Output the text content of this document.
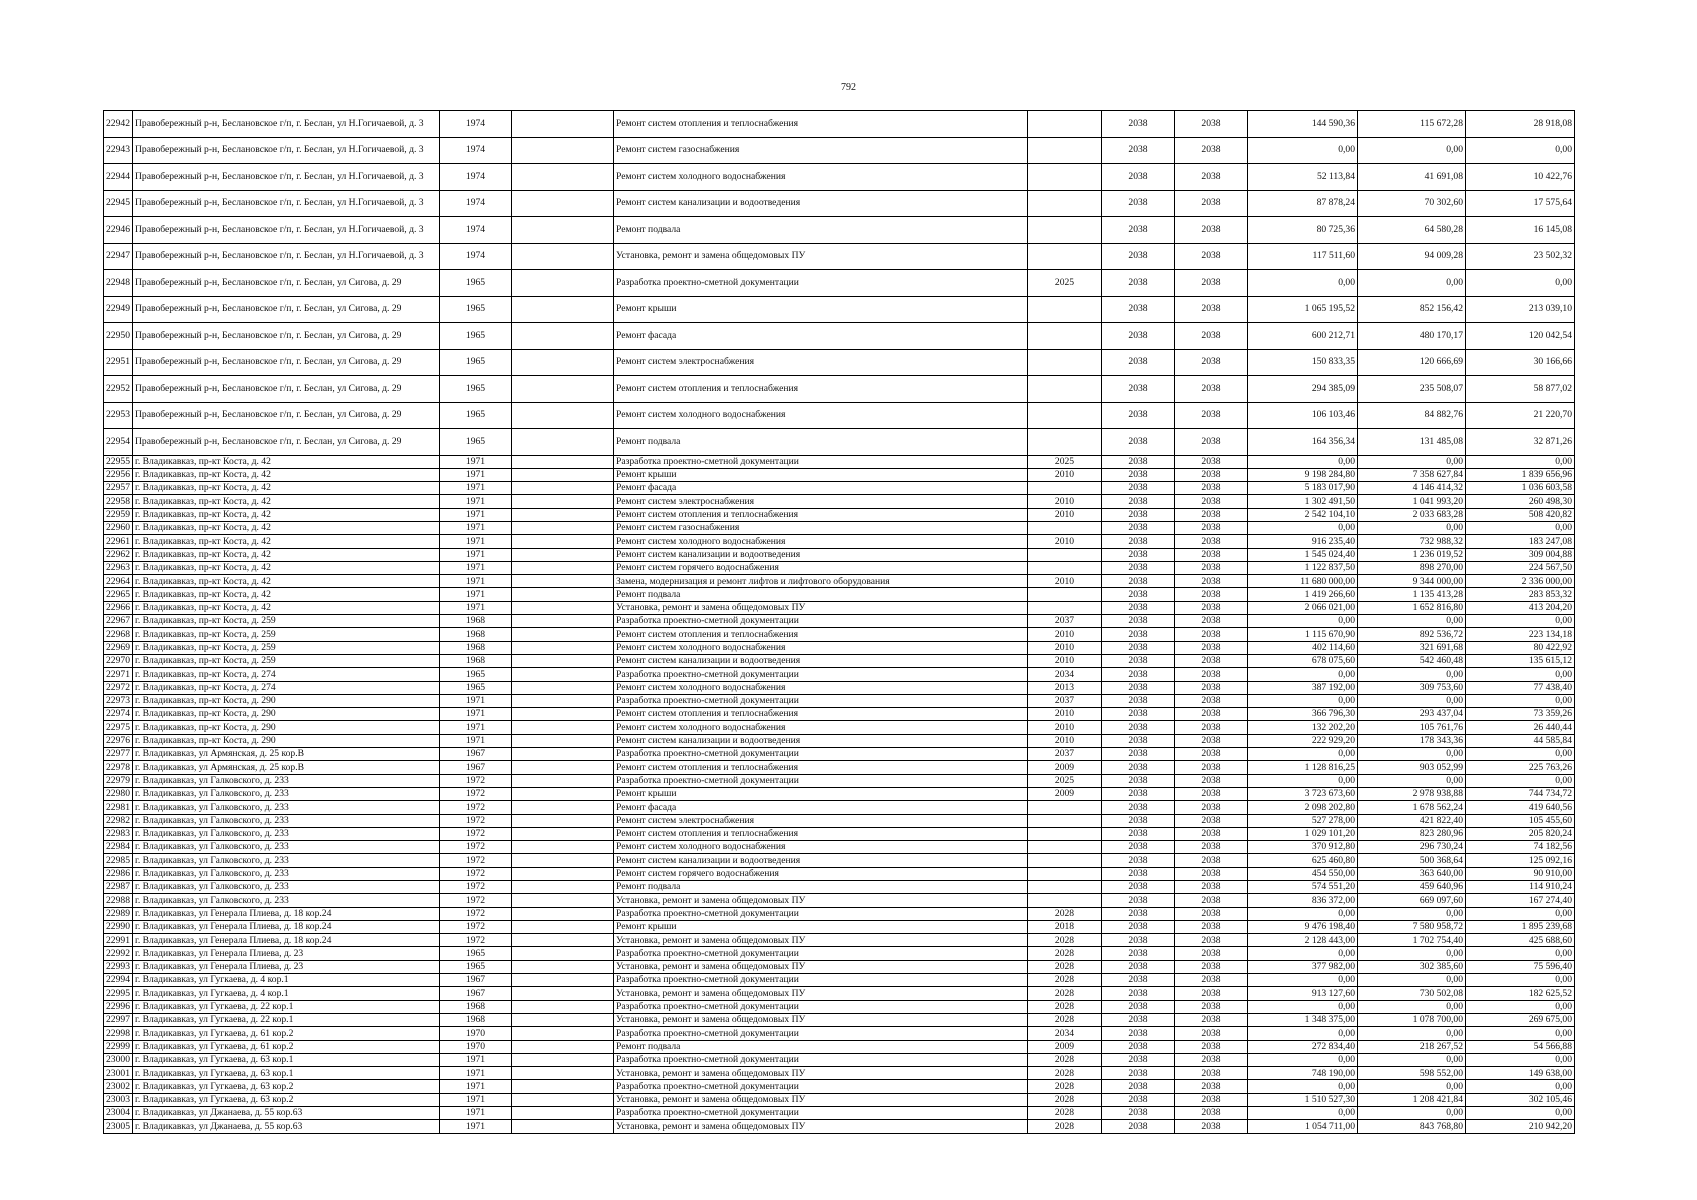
792
22942	Правобережный р-н, Беслановское г/п, г. Беслан, ул Н.Гогичаевой, д. 3	1974		Ремонт систем отопления и теплоснабжения		2038	2038	144 590,36	115 672,28	28 918,08
22943	Правобережный р-н, Беслановское г/п, г. Беслан, ул Н.Гогичаевой, д. 3	1974		Ремонт систем газоснабжения		2038	2038	0,00	0,00	0,00
22944	Правобережный р-н, Беслановское г/п, г. Беслан, ул Н.Гогичаевой, д. 3	1974		Ремонт систем холодного водоснабжения		2038	2038	52 113,84	41 691,08	10 422,76
22945	Правобережный р-н, Беслановское г/п, г. Беслан, ул Н.Гогичаевой, д. 3	1974		Ремонт систем канализации и водоотведения		2038	2038	87 878,24	70 302,60	17 575,64
22946	Правобережный р-н, Беслановское г/п, г. Беслан, ул Н.Гогичаевой, д. 3	1974		Ремонт подвала		2038	2038	80 725,36	64 580,28	16 145,08
22947	Правобережный р-н, Беслановское г/п, г. Беслан, ул Н.Гогичаевой, д. 3	1974		Установка, ремонт и замена общедомовых ПУ		2038	2038	117 511,60	94 009,28	23 502,32
22948	Правобережный р-н, Беслановское г/п, г. Беслан, ул Сигова, д. 29	1965		Разработка проектно-сметной документации	2025	2038	2038	0,00	0,00	0,00
22949	Правобережный р-н, Беслановское г/п, г. Беслан, ул Сигова, д. 29	1965		Ремонт крыши		2038	2038	1 065 195,52	852 156,42	213 039,10
22950	Правобережный р-н, Беслановское г/п, г. Беслан, ул Сигова, д. 29	1965		Ремонт фасада		2038	2038	600 212,71	480 170,17	120 042,54
22951	Правобережный р-н, Беслановское г/п, г. Беслан, ул Сигова, д. 29	1965		Ремонт систем электроснабжения		2038	2038	150 833,35	120 666,69	30 166,66
22952	Правобережный р-н, Беслановское г/п, г. Беслан, ул Сигова, д. 29	1965		Ремонт систем отопления и теплоснабжения		2038	2038	294 385,09	235 508,07	58 877,02
22953	Правобережный р-н, Беслановское г/п, г. Беслан, ул Сигова, д. 29	1965		Ремонт систем холодного водоснабжения		2038	2038	106 103,46	84 882,76	21 220,70
22954	Правобережный р-н, Беслановское г/п, г. Беслан, ул Сигова, д. 29	1965		Ремонт подвала		2038	2038	164 356,34	131 485,08	32 871,26
22955	г. Владикавказ, пр-кт Коста, д. 42	1971		Разработка проектно-сметной документации	2025	2038	2038	0,00	0,00	0,00
22956	г. Владикавказ, пр-кт Коста, д. 42	1971		Ремонт крыши	2010	2038	2038	9 198 284,80	7 358 627,84	1 839 656,96
22957	г. Владикавказ, пр-кт Коста, д. 42	1971		Ремонт фасада		2038	2038	5 183 017,90	4 146 414,32	1 036 603,58
22958	г. Владикавказ, пр-кт Коста, д. 42	1971		Ремонт систем электроснабжения	2010	2038	2038	1 302 491,50	1 041 993,20	260 498,30
22959	г. Владикавказ, пр-кт Коста, д. 42	1971		Ремонт систем отопления и теплоснабжения	2010	2038	2038	2 542 104,10	2 033 683,28	508 420,82
22960	г. Владикавказ, пр-кт Коста, д. 42	1971		Ремонт систем газоснабжения		2038	2038	0,00	0,00	0,00
22961	г. Владикавказ, пр-кт Коста, д. 42	1971		Ремонт систем холодного водоснабжения	2010	2038	2038	916 235,40	732 988,32	183 247,08
22962	г. Владикавказ, пр-кт Коста, д. 42	1971		Ремонт систем канализации и водоотведения		2038	2038	1 545 024,40	1 236 019,52	309 004,88
22963	г. Владикавказ, пр-кт Коста, д. 42	1971		Ремонт систем горячего водоснабжения		2038	2038	1 122 837,50	898 270,00	224 567,50
22964	г. Владикавказ, пр-кт Коста, д. 42	1971		Замена, модернизация и ремонт лифтов и лифтового оборудования	2010	2038	2038	11 680 000,00	9 344 000,00	2 336 000,00
22965	г. Владикавказ, пр-кт Коста, д. 42	1971		Ремонт подвала		2038	2038	1 419 266,60	1 135 413,28	283 853,32
22966	г. Владикавказ, пр-кт Коста, д. 42	1971		Установка, ремонт и замена общедомовых ПУ		2038	2038	2 066 021,00	1 652 816,80	413 204,20
22967	г. Владикавказ, пр-кт Коста, д. 259	1968		Разработка проектно-сметной документации	2037	2038	2038	0,00	0,00	0,00
22968	г. Владикавказ, пр-кт Коста, д. 259	1968		Ремонт систем отопления и теплоснабжения	2010	2038	2038	1 115 670,90	892 536,72	223 134,18
22969	г. Владикавказ, пр-кт Коста, д. 259	1968		Ремонт систем холодного водоснабжения	2010	2038	2038	402 114,60	321 691,68	80 422,92
22970	г. Владикавказ, пр-кт Коста, д. 259	1968		Ремонт систем канализации и водоотведения	2010	2038	2038	678 075,60	542 460,48	135 615,12
22971	г. Владикавказ, пр-кт Коста, д. 274	1965		Разработка проектно-сметной документации	2034	2038	2038	0,00	0,00	0,00
22972	г. Владикавказ, пр-кт Коста, д. 274	1965		Ремонт систем холодного водоснабжения	2013	2038	2038	387 192,00	309 753,60	77 438,40
22973	г. Владикавказ, пр-кт Коста, д. 290	1971		Разработка проектно-сметной документации	2037	2038	2038	0,00	0,00	0,00
22974	г. Владикавказ, пр-кт Коста, д. 290	1971		Ремонт систем отопления и теплоснабжения	2010	2038	2038	366 796,30	293 437,04	73 359,26
22975	г. Владикавказ, пр-кт Коста, д. 290	1971		Ремонт систем холодного водоснабжения	2010	2038	2038	132 202,20	105 761,76	26 440,44
22976	г. Владикавказ, пр-кт Коста, д. 290	1971		Ремонт систем канализации и водоотведения	2010	2038	2038	222 929,20	178 343,36	44 585,84
22977	г. Владикавказ, ул Армянская, д. 25 кор.В	1967		Разработка проектно-сметной документации	2037	2038	2038	0,00	0,00	0,00
22978	г. Владикавказ, ул Армянская, д. 25 кор.В	1967		Ремонт систем отопления и теплоснабжения	2009	2038	2038	1 128 816,25	903 052,99	225 763,26
22979	г. Владикавказ, ул Галковского, д. 233	1972		Разработка проектно-сметной документации	2025	2038	2038	0,00	0,00	0,00
22980	г. Владикавказ, ул Галковского, д. 233	1972		Ремонт крыши	2009	2038	2038	3 723 673,60	2 978 938,88	744 734,72
22981	г. Владикавказ, ул Галковского, д. 233	1972		Ремонт фасада		2038	2038	2 098 202,80	1 678 562,24	419 640,56
22982	г. Владикавказ, ул Галковского, д. 233	1972		Ремонт систем электроснабжения		2038	2038	527 278,00	421 822,40	105 455,60
22983	г. Владикавказ, ул Галковского, д. 233	1972		Ремонт систем отопления и теплоснабжения		2038	2038	1 029 101,20	823 280,96	205 820,24
22984	г. Владикавказ, ул Галковского, д. 233	1972		Ремонт систем холодного водоснабжения		2038	2038	370 912,80	296 730,24	74 182,56
22985	г. Владикавказ, ул Галковского, д. 233	1972		Ремонт систем канализации и водоотведения		2038	2038	625 460,80	500 368,64	125 092,16
22986	г. Владикавказ, ул Галковского, д. 233	1972		Ремонт систем горячего водоснабжения		2038	2038	454 550,00	363 640,00	90 910,00
22987	г. Владикавказ, ул Галковского, д. 233	1972		Ремонт подвала		2038	2038	574 551,20	459 640,96	114 910,24
22988	г. Владикавказ, ул Галковского, д. 233	1972		Установка, ремонт и замена общедомовых ПУ		2038	2038	836 372,00	669 097,60	167 274,40
22989	г. Владикавказ, ул Генерала Плиева, д. 18 кор.24	1972		Разработка проектно-сметной документации	2028	2038	2038	0,00	0,00	0,00
22990	г. Владикавказ, ул Генерала Плиева, д. 18 кор.24	1972		Ремонт крыши	2018	2038	2038	9 476 198,40	7 580 958,72	1 895 239,68
22991	г. Владикавказ, ул Генерала Плиева, д. 18 кор.24	1972		Установка, ремонт и замена общедомовых ПУ	2028	2038	2038	2 128 443,00	1 702 754,40	425 688,60
22992	г. Владикавказ, ул Генерала Плиева, д. 23	1965		Разработка проектно-сметной документации	2028	2038	2038	0,00	0,00	0,00
22993	г. Владикавказ, ул Генерала Плиева, д. 23	1965		Установка, ремонт и замена общедомовых ПУ	2028	2038	2038	377 982,00	302 385,60	75 596,40
22994	г. Владикавказ, ул Гугкаева, д. 4 кор.1	1967		Разработка проектно-сметной документации	2028	2038	2038	0,00	0,00	0,00
22995	г. Владикавказ, ул Гугкаева, д. 4 кор.1	1967		Установка, ремонт и замена общедомовых ПУ	2028	2038	2038	913 127,60	730 502,08	182 625,52
22996	г. Владикавказ, ул Гугкаева, д. 22 кор.1	1968		Разработка проектно-сметной документации	2028	2038	2038	0,00	0,00	0,00
22997	г. Владикавказ, ул Гугкаева, д. 22 кор.1	1968		Установка, ремонт и замена общедомовых ПУ	2028	2038	2038	1 348 375,00	1 078 700,00	269 675,00
22998	г. Владикавказ, ул Гугкаева, д. 61 кор.2	1970		Разработка проектно-сметной документации	2034	2038	2038	0,00	0,00	0,00
22999	г. Владикавказ, ул Гугкаева, д. 61 кор.2	1970		Ремонт подвала	2009	2038	2038	272 834,40	218 267,52	54 566,88
23000	г. Владикавказ, ул Гугкаева, д. 63 кор.1	1971		Разработка проектно-сметной документации	2028	2038	2038	0,00	0,00	0,00
23001	г. Владикавказ, ул Гугкаева, д. 63 кор.1	1971		Установка, ремонт и замена общедомовых ПУ	2028	2038	2038	748 190,00	598 552,00	149 638,00
23002	г. Владикавказ, ул Гугкаева, д. 63 кор.2	1971		Разработка проектно-сметной документации	2028	2038	2038	0,00	0,00	0,00
23003	г. Владикавказ, ул Гугкаева, д. 63 кор.2	1971		Установка, ремонт и замена общедомовых ПУ	2028	2038	2038	1 510 527,30	1 208 421,84	302 105,46
23004	г. Владикавказ, ул Джанаева, д. 55 кор.63	1971		Разработка проектно-сметной документации	2028	2038	2038	0,00	0,00	0,00
23005	г. Владикавказ, ул Джанаева, д. 55 кор.63	1971		Установка, ремонт и замена общедомовых ПУ	2028	2038	2038	1 054 711,00	843 768,80	210 942,20
